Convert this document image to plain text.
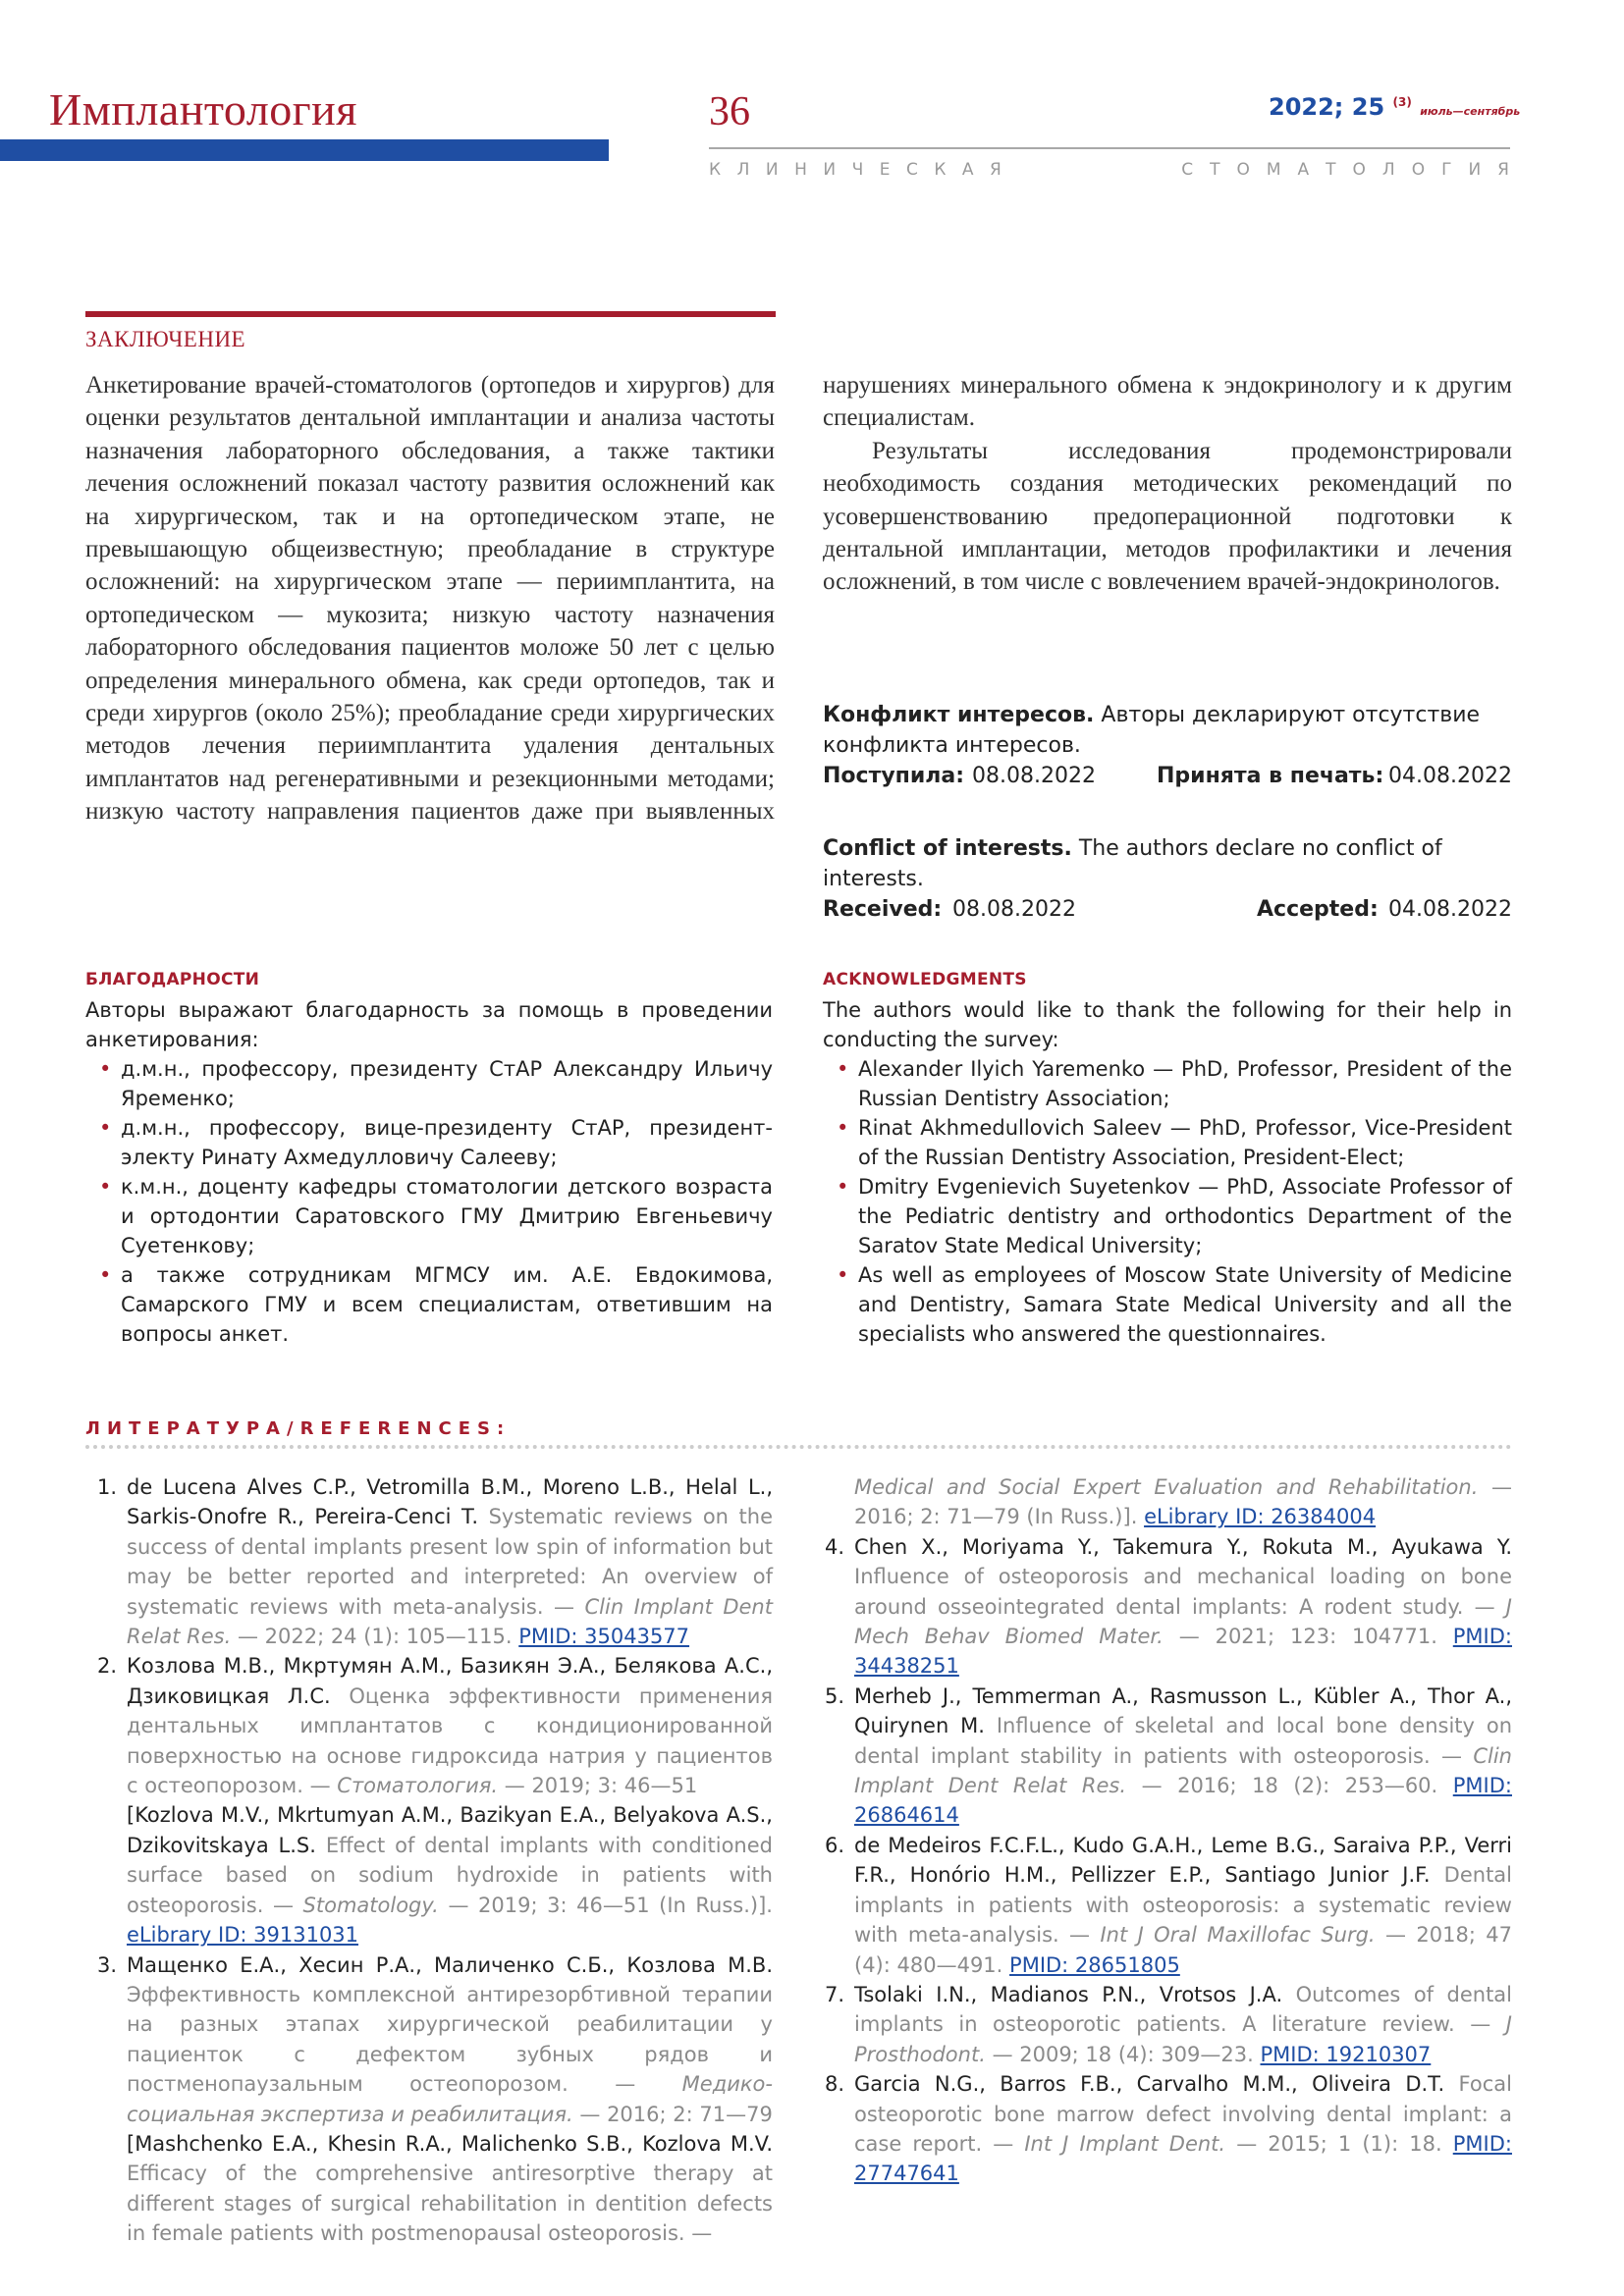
Имплантология	36	2022; 25 $^{(3)}$ июль—сентябрь
КЛИНИЧЕСКАЯ	СТОМАТОЛОГИЯ
ЗАКЛЮЧЕНИЕ
Анкетирование врачей-стоматологов (ортопедов и хирургов) для оценки результатов дентальной имплантации и анализа частоты назначения лабораторного обследования, а также тактики лечения осложнений показал частоту развития осложнений как на хирургическом, так и на ортопедическом этапе, не превышающую общеизвестную; преобладание в структуре осложнений: на хирургическом этапе — периимплантита, на ортопедическом — мукозита; низкую частоту назначения лабораторного обследования пациентов моложе 50 лет с целью определения минерального обмена, как среди ортопедов, так и среди хирургов (около 25%); преобладание среди хирургических методов лечения периимплантита удаления дентальных имплантатов над регенеративными и резекционными методами; низкую частоту направления пациентов даже при выявленных

нарушениях минерального обмена к эндокринологу и к другим специалистам.

Результаты исследования продемонстрировали необходимость создания методических рекомендаций по усовершенствованию предоперационной подготовки к дентальной имплантации, методов профилактики и лечения осложнений, в том числе с вовлечением врачей-эндокринологов.

Конфликт интересов. Авторы декларируют отсутствие конфликта интересов.
Поступила: 08.08.2022	Принята в печать: 04.08.2022
Conflict of interests. The authors declare no conflict of interests.
Received: 08.08.2022	Accepted: 04.08.2022
БЛАГОДАРНОСТИ

Авторы выражают благодарность за помощь в проведении анкетирования:

• д.м.н., профессору, президенту СтАР Александру Ильичу Яременко;
• д.м.н., профессору, вице-президенту СтАР, президент-электу Ринату Ахмедулловичу Салееву;
• к.м.н., доценту кафедры стоматологии детского возраста и ортодонтии Саратовского ГМУ Дмитрию Евгеньевичу Суетенкову;
• а также сотрудникам МГМСУ им. А.Е. Евдокимова, Самарского ГМУ и всем специалистам, ответившим на вопросы анкет.
ACKNOWLEDGMENTS

The authors would like to thank the following for their help in conducting the survey:

• Alexander Ilyich Yaremenko — PhD, Professor, President of the Russian Dentistry Association;
• Rinat Akhmedullovich Saleev — PhD, Professor, Vice-President of the Russian Dentistry Association, President-Elect;
• Dmitry Evgenievich Suyetenkov — PhD, Associate Professor of the Pediatric dentistry and orthodontics Department of the Saratov State Medical University;
• As well as employees of Moscow State University of Medicine and Dentistry, Samara State Medical University and all the specialists who answered the questionnaires.
ЛИТЕРАТУРА/REFERENCES:
1. de Lucena Alves C.P., Vetromilla B.M., Moreno L.B., Helal L., Sarkis-Onofre R., Pereira-Cenci T. Systematic reviews on the success of dental implants present low spin of information but may be better reported and interpreted: An overview of systematic reviews with meta-analysis. — Clin Implant Dent Relat Res. — 2022; 24 (1): 105—115. PMID: 35043577
2. Козлова М.В., Мкртумян А.М., Базикян Э.А., Белякова А.С., Дзиковицкая Л.С. Оценка эффективности применения дентальных имплантатов с кондиционированной поверхностью на основе гидроксида натрия у пациентов с остеопорозом. — Стоматология. — 2019; 3: 46—51
[Kozlova M.V., Mkrtumyan A.M., Bazikyan E.A., Belyakova A.S., Dzikovitskaya L.S. Effect of dental implants with conditioned surface based on sodium hydroxide in patients with osteoporosis. — Stomatology. — 2019; 3: 46—51 (In Russ.)]. eLibrary ID: 39131031
3. Мащенко Е.А., Хесин Р.А., Маличенко С.Б., Козлова М.В. Эффективность комплексной антирезорбтивной терапии на разных этапах хирургической реабилитации у пациенток с дефектом зубных рядов и постменопаузальным остеопорозом. — Медико-социальная экспертиза и реабилитация. — 2016; 2: 71—79
[Mashchenko E.A., Khesin R.A., Malichenko S.B., Kozlova M.V. Efficacy of the comprehensive antiresorptive therapy at different stages of surgical rehabilitation in dentition defects in female patients with postmenopausal osteoporosis. —
Medical and Social Expert Evaluation and Rehabilitation. — 2016; 2: 71—79 (In Russ.)]. eLibrary ID: 26384004
4. Chen X., Moriyama Y., Takemura Y., Rokuta M., Ayukawa Y. Influence of osteoporosis and mechanical loading on bone around osseointegrated dental implants: A rodent study. — J Mech Behav Biomed Mater. — 2021; 123: 104771. PMID: 34438251
5. Merheb J., Temmerman A., Rasmusson L., Kübler A., Thor A., Quirynen M. Influence of skeletal and local bone density on dental implant stability in patients with osteoporosis. — Clin Implant Dent Relat Res. — 2016; 18 (2): 253—60. PMID: 26864614
6. de Medeiros F.C.F.L., Kudo G.A.H., Leme B.G., Saraiva P.P., Verri F.R., Honório H.M., Pellizzer E.P., Santiago Junior J.F. Dental implants in patients with osteoporosis: a systematic review with meta-analysis. — Int J Oral Maxillofac Surg. — 2018; 47 (4): 480—491. PMID: 28651805
7. Tsolaki I.N., Madianos P.N., Vrotsos J.A. Outcomes of dental implants in osteoporotic patients. A literature review. — J Prosthodont. — 2009; 18 (4): 309—23. PMID: 19210307
8. Garcia N.G., Barros F.B., Carvalho M.M., Oliveira D.T. Focal osteoporotic bone marrow defect involving dental implant: a case report. — Int J Implant Dent. — 2015; 1 (1): 18. PMID: 27747641
